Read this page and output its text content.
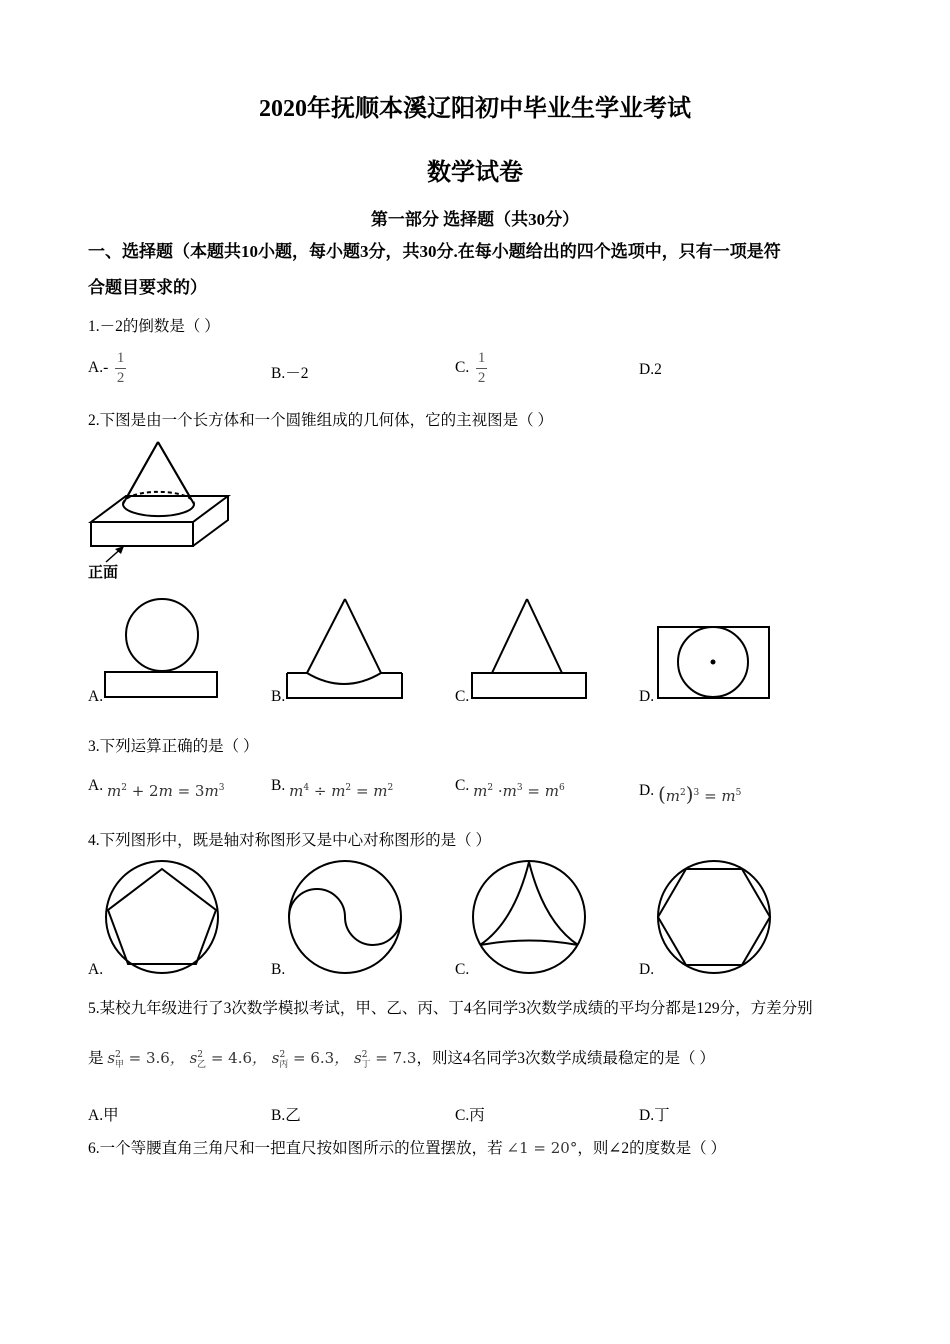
2020年抚顺本溪辽阳初中毕业生学业考试
数学试卷
第一部分 选择题（共30分）
一、选择题（本题共10小题，每小题3分，共30分.在每小题给出的四个选项中，只有一项是符
合题目要求的）
1.－2的倒数是（ ）
$A.- \frac{1}{2}$	B.－2	C. $\frac{1}{2}$	D.2
2.下图是由一个长方体和一个圆锥组成的几何体，它的主视图是（ ）
正面
A.	B.	C.	D.
3.下列运算正确的是（ ）
A. $m^2 + 2m = 3m^3$	B. $m^4 \div m^2 = m^2$	C. $m^2 \cdot m^3 = m^6$	D. $(m^2)^3 = m^5$
4.下列图形中，既是轴对称图形又是中心对称图形的是（ ）
A.	B.	C.	D.
5.某校九年级进行了3次数学模拟考试，甲、乙、丙、丁4名同学3次数学成绩的平均分都是129分，方差分别
是 $s^2_甲 = 3.6$， $s^2_乙 = 4.6$， $s^2_丙 = 6.3$， $s^2_丁 = 7.3$，则这4名同学3次数学成绩最稳定的是（ ）
A.甲	B.乙	C.丙	D.丁
6.一个等腰直角三角尺和一把直尺按如图所示的位置摆放，若 ∠1 = 20°，则∠2的度数是（ ）
